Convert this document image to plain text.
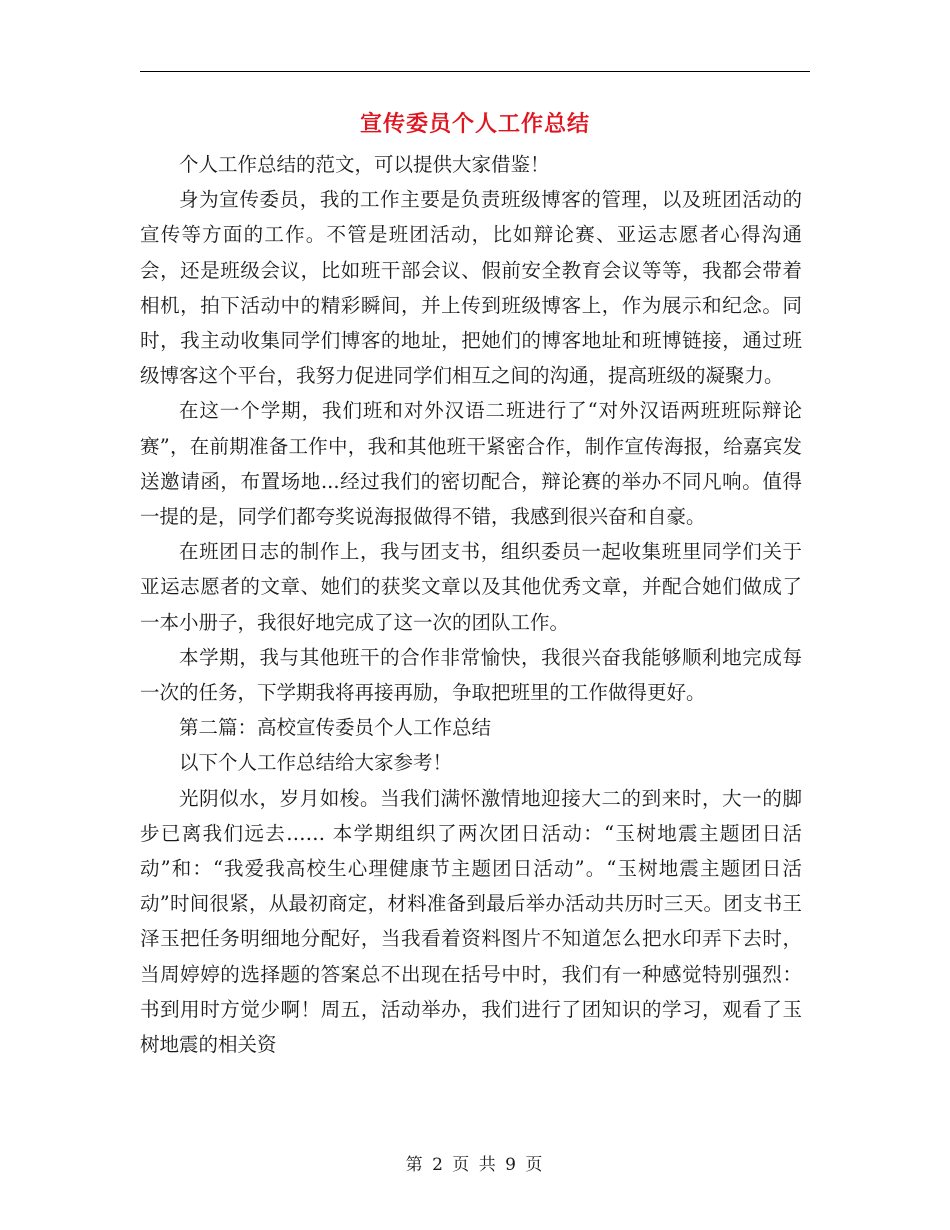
宣传委员个人工作总结

个人工作总结的范文，可以提供大家借鉴！

身为宣传委员，我的工作主要是负责班级博客的管理，以及班团活动的宣传等方面的工作。不管是班团活动，比如辩论赛、亚运志愿者心得沟通会，还是班级会议，比如班干部会议、假前安全教育会议等等，我都会带着相机，拍下活动中的精彩瞬间，并上传到班级博客上，作为展示和纪念。同时，我主动收集同学们博客的地址，把她们的博客地址和班博链接，通过班级博客这个平台，我努力促进同学们相互之间的沟通，提高班级的凝聚力。

在这一个学期，我们班和对外汉语二班进行了“对外汉语两班班际辩论赛”，在前期准备工作中，我和其他班干紧密合作，制作宣传海报，给嘉宾发送邀请函，布置场地...经过我们的密切配合，辩论赛的举办不同凡响。值得一提的是，同学们都夸奖说海报做得不错，我感到很兴奋和自豪。

在班团日志的制作上，我与团支书，组织委员一起收集班里同学们关于亚运志愿者的文章、她们的获奖文章以及其他优秀文章，并配合她们做成了一本小册子，我很好地完成了这一次的团队工作。

本学期，我与其他班干的合作非常愉快，我很兴奋我能够顺利地完成每一次的任务，下学期我将再接再励，争取把班里的工作做得更好。

第二篇：高校宣传委员个人工作总结

以下个人工作总结给大家参考！

光阴似水，岁月如梭。当我们满怀激情地迎接大二的到来时，大一的脚步已离我们远去…… 本学期组织了两次团日活动：“玉树地震主题团日活动”和：“我爱我高校生心理健康节主题团日活动”。“玉树地震主题团日活动”时间很紧，从最初商定，材料准备到最后举办活动共历时三天。团支书王泽玉把任务明细地分配好，当我看着资料图片不知道怎么把水印弄下去时，当周婷婷的选择题的答案总不出现在括号中时，我们有一种感觉特别强烈：书到用时方觉少啊！周五，活动举办，我们进行了团知识的学习，观看了玉树地震的相关资

第 2 页 共 9 页
